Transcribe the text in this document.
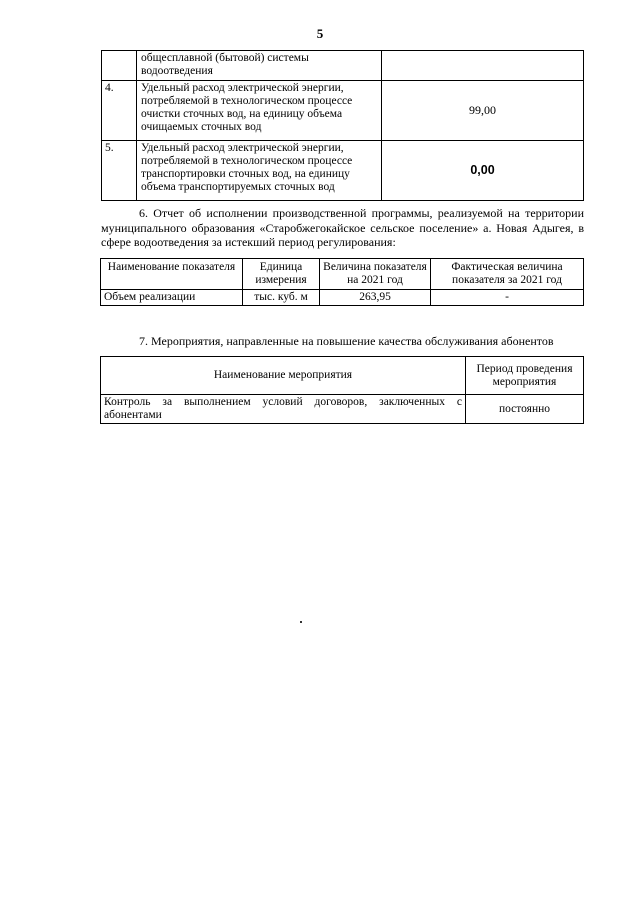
5
	общесплавной (бытовой) системы водоотведения	
4.	Удельный расход электрической энергии, потребляемой в технологическом процессе очистки сточных вод, на единицу объема очищаемых сточных вод	99,00
5.	Удельный расход электрической энергии, потребляемой в технологическом процессе транспортировки сточных вод, на единицу объема транспортируемых сточных вод	0,00
6. Отчет об исполнении производственной программы, реализуемой на территории муниципального образования «Старобжегокайское сельское поселение» а. Новая Адыгея, в сфере водоотведения за истекший период регулирования:
Наименование показателя	Единица измерения	Величина показателя на 2021 год	Фактическая величина показателя за 2021 год
Объем реализации	тыс. куб. м	263,95	-
7. Мероприятия, направленные на повышение качества обслуживания абонентов
Наименование мероприятия	Период проведения мероприятия
Контроль за выполнением условий договоров, заключенных с абонентами	постоянно
